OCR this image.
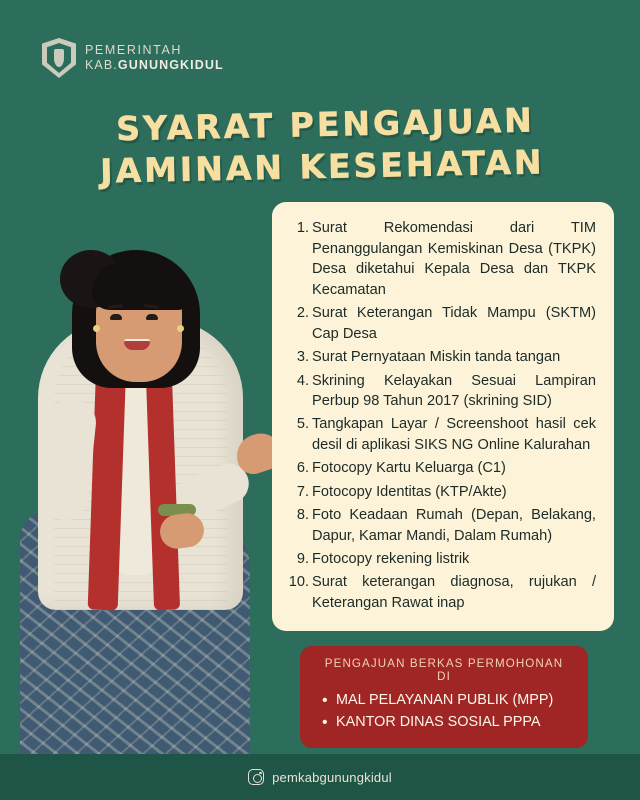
PEMERINTAH
KAB.GUNUNGKIDUL
SYARAT PENGAJUAN
JAMINAN KESEHATAN
Surat Rekomendasi dari TIM Penanggulangan Kemiskinan Desa (TKPK) Desa diketahui Kepala Desa dan TKPK Kecamatan
Surat Keterangan Tidak Mampu (SKTM) Cap Desa
Surat Pernyataan Miskin tanda tangan
Skrining Kelayakan Sesuai Lampiran Perbup 98 Tahun 2017 (skrining SID)
Tangkapan Layar / Screenshoot hasil cek desil di aplikasi SIKS NG Online Kalurahan
Fotocopy Kartu Keluarga (C1)
Fotocopy Identitas (KTP/Akte)
Foto Keadaan Rumah (Depan, Belakang, Dapur, Kamar Mandi, Dalam Rumah)
Fotocopy rekening listrik
Surat keterangan diagnosa, rujukan / Keterangan Rawat inap
PENGAJUAN BERKAS PERMOHONAN DI
• MAL PELAYANAN PUBLIK (MPP)
• KANTOR DINAS SOSIAL PPPA
pemkabgunungkidul
